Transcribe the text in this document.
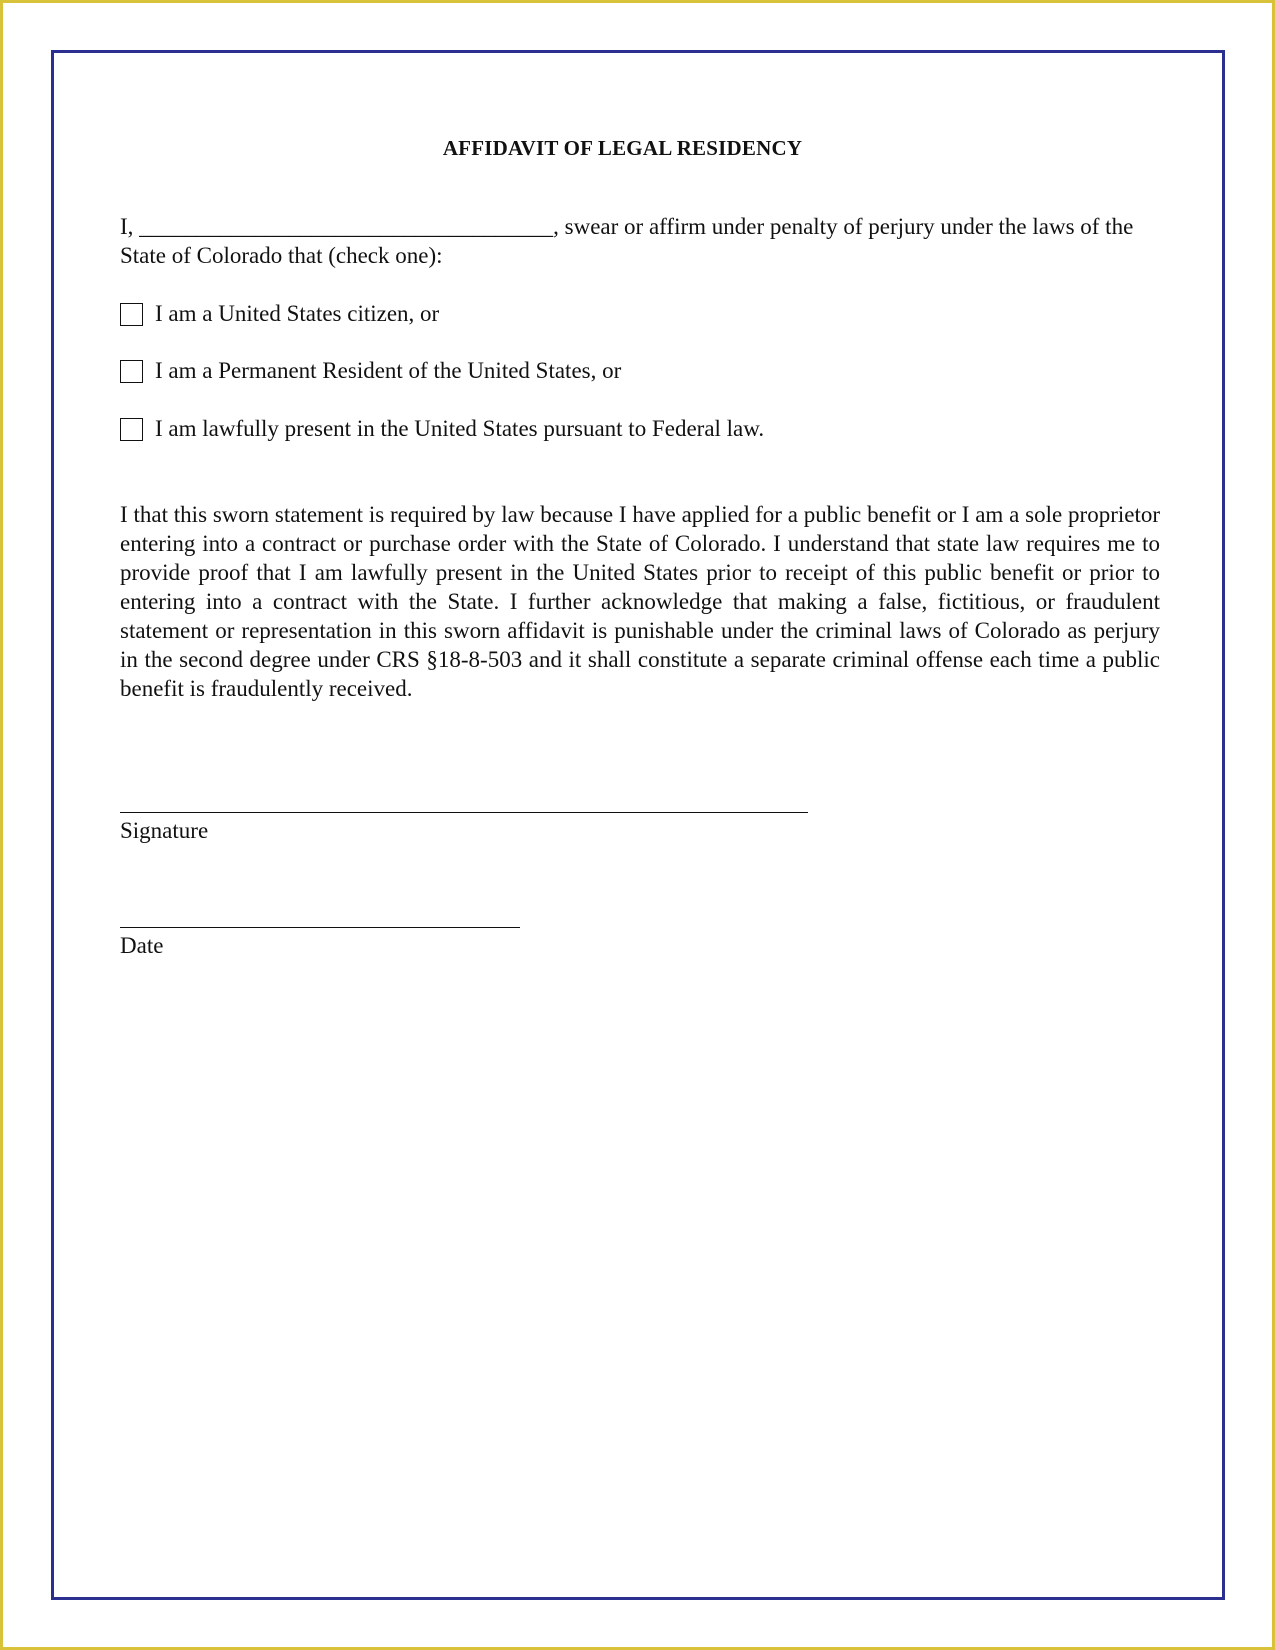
AFFIDAVIT OF LEGAL RESIDENCY
I, ____________________________________, swear or affirm under penalty of perjury under the laws of the State of Colorado that (check one):
I am a United States citizen, or
I am a Permanent Resident of the United States, or
I am lawfully present in the United States pursuant to Federal law.
I that this sworn statement is required by law because I have applied for a public benefit or I am a sole proprietor entering into a contract or purchase order with the State of Colorado. I understand that state law requires me to provide proof that I am lawfully present in the United States prior to receipt of this public benefit or prior to entering into a contract with the State. I further acknowledge that making a false, fictitious, or fraudulent statement or representation in this sworn affidavit is punishable under the criminal laws of Colorado as perjury in the second degree under CRS §18-8-503 and it shall constitute a separate criminal offense each time a public benefit is fraudulently received.
Signature
Date
